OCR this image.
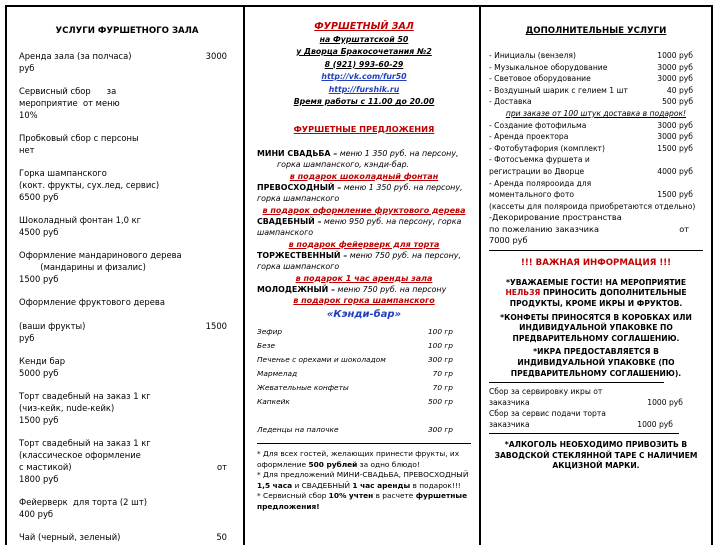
УСЛУГИ ФУРШЕТНОГО ЗАЛА
Аренда зала (за полчаса)	3000
руб
Сервисный сбор      за
мероприятие  от меню
10%
Пробковый сбор с персоны
нет
Горка шампанского
(кокт. фрукты, сух.лед, сервис)
6500 руб
Шоколадный фонтан 1,0 кг
4500 руб
Оформление мандаринового дерева
(мандарины и физалис)
1500 руб
Оформление фруктового дерева

(ваши фрукты)	1500
руб
Кенди бар
5000 руб
Торт свадебный на заказ 1 кг
(чиз-кейк, nude-кейк)
1500 руб
Торт свадебный на заказ 1 кг
(классическое оформление
с мастикой)	от
1800 руб
Фейерверк  для торта (2 шт)
400 руб
Чай (черный, зеленый)	50
ФУРШЕТНЫЙ ЗАЛ
на Фурштатской 50
у Дворца Бракосочетания №2
8 (921) 993-60-29
http://vk.com/fur50
http://furshik.ru
Время работы с 11.00 до 20.00
ФУРШЕТНЫЕ ПРЕДЛОЖЕНИЯ
МИНИ СВАДЬБА – меню 1 350 руб. на персону,
горка шампанского, кэнди-бар.
в подарок шоколадный фонтан
ПРЕВОСХОДНЫЙ – меню 1 350 руб. на персону, горка шампанского
в подарок оформление фруктового дерева
СВАДЕБНЫЙ – меню 950 руб. на персону, горка шампанского
в подарок фейерверк для торта
ТОРЖЕСТВЕННЫЙ – меню 750 руб. на персону, горка шампанского
в подарок 1 час аренды зала
МОЛОДЕЖНЫЙ – меню 750 руб. на персону
в подарок горка шампанского
«Кэнди-бар»
Зефир	100 гр
Безе	100 гр
Печенье с орехами и шоколадом	300 гр
Мармелад	70 гр
Жевательные конфеты	70 гр
Капкейк	500 гр
Леденцы на палочке	300 гр
* Для всех гостей, желающих принести фрукты, их оформление 500 рублей за одно блюдо!
* Для предложений МИНИ-СВАДЬБА, ПРЕВОСХОДНЫЙ 1,5 часа и СВАДЕБНЫЙ 1 час аренды в подарок!!!
* Сервисный сбор 10% учтен в расчете фуршетные предложения!
ДОПОЛНИТЕЛЬНЫЕ УСЛУГИ
- Инициалы (вензеля)	1000 руб
- Музыкальное оборудование	3000 руб
- Световое оборудование	3000 руб
- Воздушный шарик с гелием 1 шт	40 руб
- Доставка	500 руб
при заказе от 100 штук доставка в подарок!
- Создание фотофильма	3000 руб
- Аренда проектора	3000 руб
- Фотобутафория (комплект)	1500 руб
- Фотосъемка фуршета и
регистрации во Дворце	4000 руб
- Аренда полярооида для
моментального фото	1500 руб
(кассеты для поляроида приобретаются отдельно)
-Декорирование пространства
по пожеланию заказчика	от
7000 руб
!!! ВАЖНАЯ ИНФОРМАЦИЯ !!!
*УВАЖАЕМЫЕ ГОСТИ! НА МЕРОПРИЯТИЕ НЕЛЬЗЯ ПРИНОСИТЬ ДОПОЛНИТЕЛЬНЫЕ ПРОДУКТЫ, КРОМЕ ИКРЫ И ФРУКТОВ.
*КОНФЕТЫ ПРИНОСЯТСЯ В КОРОБКАХ ИЛИ ИНДИВИДУАЛЬНОЙ УПАКОВКЕ ПО ПРЕДВАРИТЕЛЬНОМУ СОГЛАШЕНИЮ.
*ИКРА ПРЕДОСТАВЛЯЕТСЯ В ИНДИВИДУАЛЬНОЙ УПАКОВКЕ (ПО ПРЕДВАРИТЕЛЬНОМУ СОГЛАШЕНИЮ).
Сбор за сервировку икры от
заказчика	1000 руб
Сбор за сервис подачи торта
заказчика	1000 руб
*АЛКОГОЛЬ НЕОБХОДИМО ПРИВОЗИТЬ В ЗАВОДСКОЙ СТЕКЛЯННОЙ ТАРЕ С НАЛИЧИЕМ АКЦИЗНОЙ МАРКИ.
